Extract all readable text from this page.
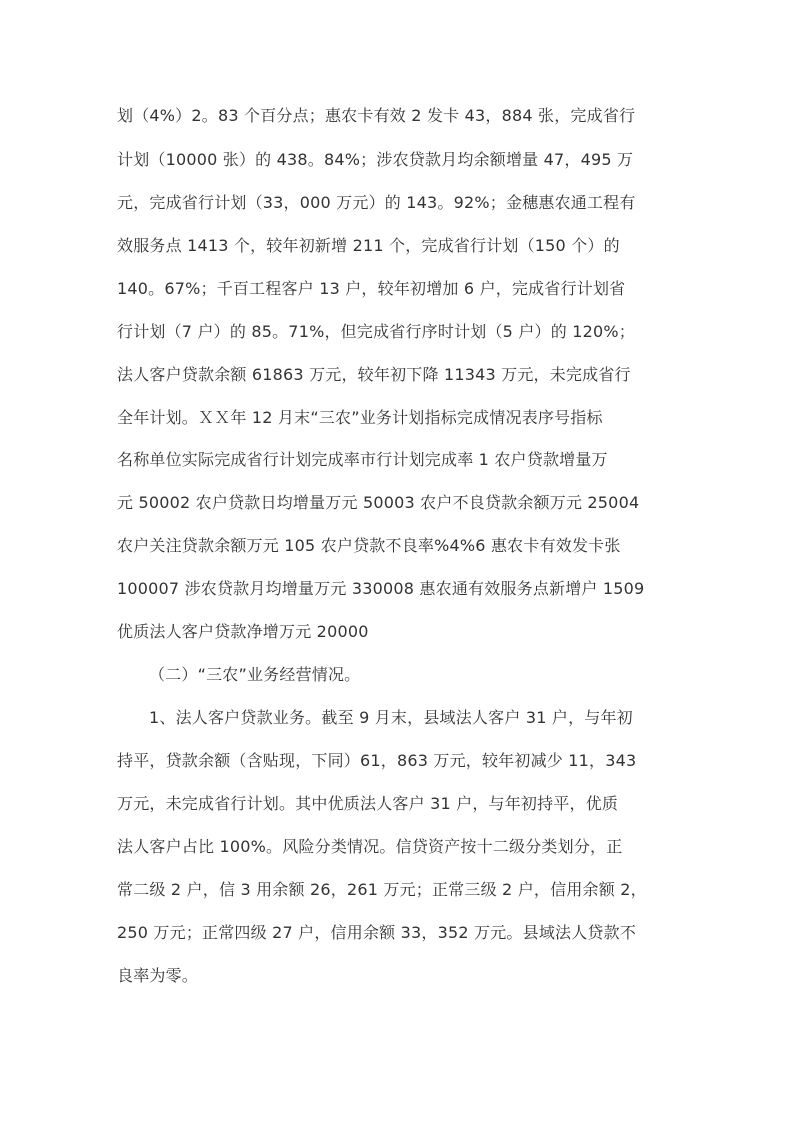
划（4%）2。83 个百分点；惠农卡有效 2 发卡 43，884 张，完成省行
计划（10000 张）的 438。84%；涉农贷款月均余额增量 47，495 万
元，完成省行计划（33，000 万元）的 143。92%；金穗惠农通工程有
效服务点 1413 个，较年初新增 211 个，完成省行计划（150 个）的
140。67%；千百工程客户 13 户，较年初增加 6 户，完成省行计划省
行计划（7 户）的 85。71%，但完成省行序时计划（5 户）的 120%；
法人客户贷款余额 61863 万元，较年初下降 11343 万元，未完成省行
全年计划。ＸＸ年 12 月末“三农”业务计划指标完成情况表序号指标
名称单位实际完成省行计划完成率市行计划完成率 1 农户贷款增量万
元 50002 农户贷款日均增量万元 50003 农户不良贷款余额万元 25004
农户关注贷款余额万元 105 农户贷款不良率%4%6 惠农卡有效发卡张
100007 涉农贷款月均增量万元 330008 惠农通有效服务点新增户 1509
优质法人客户贷款净增万元 20000
（二）“三农”业务经营情况。
1、法人客户贷款业务。截至 9 月末，县域法人客户 31 户，与年初
持平，贷款余额（含贴现，下同）61，863 万元，较年初减少 11，343
万元，未完成省行计划。其中优质法人客户 31 户，与年初持平，优质
法人客户占比 100%。风险分类情况。信贷资产按十二级分类划分，正
常二级 2 户，信 3 用余额 26，261 万元；正常三级 2 户，信用余额 2，
250 万元；正常四级 27 户，信用余额 33，352 万元。县域法人贷款不
良率为零。
